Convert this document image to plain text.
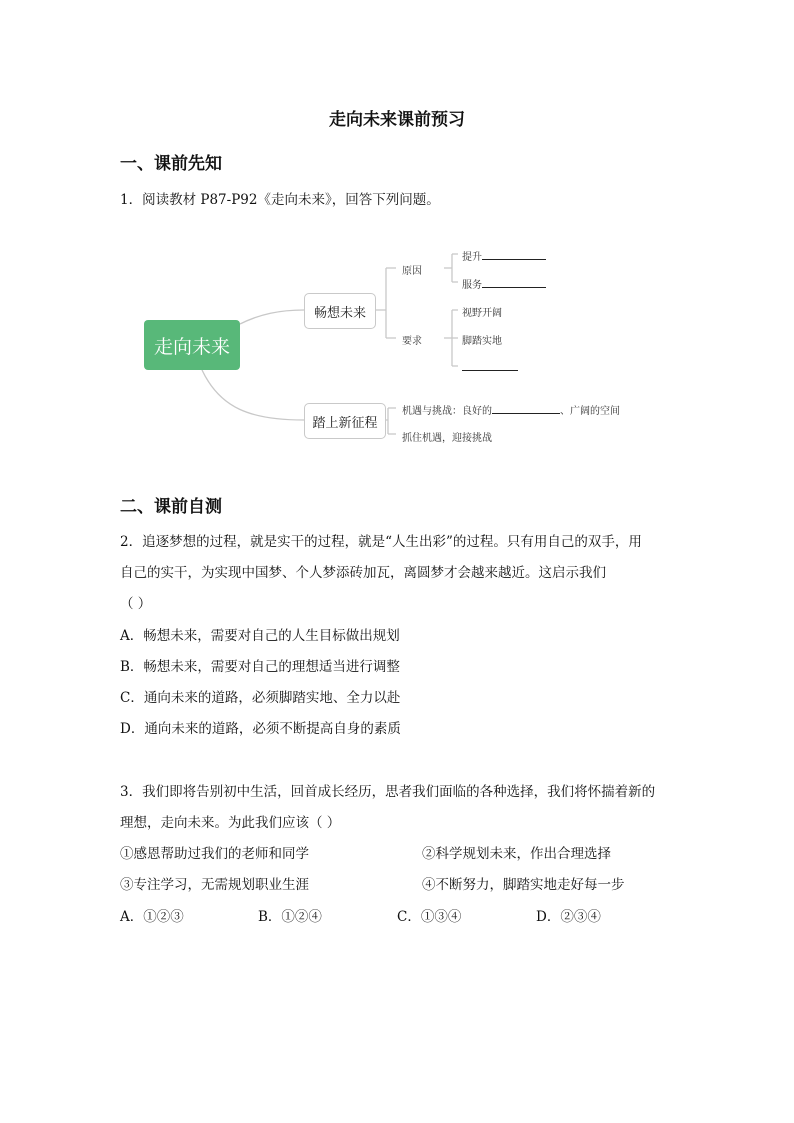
走向未来课前预习
一、课前先知
1．阅读教材 P87-P92《走向未来》，回答下列问题。
走向未来
畅想未来
踏上新征程
原因
提升
服务
要求
视野开阔
脚踏实地
机遇与挑战：良好的	、广阔的空间
抓住机遇，迎接挑战
二、课前自测
2．追逐梦想的过程，就是实干的过程，就是“人生出彩”的过程。只有用自己的双手，用
自己的实干，为实现中国梦、个人梦添砖加瓦，离圆梦才会越来越近。这启示我们
（ ）
A．畅想未来，需要对自己的人生目标做出规划
B．畅想未来，需要对自己的理想适当进行调整
C．通向未来的道路，必须脚踏实地、全力以赴
D．通向未来的道路，必须不断提高自身的素质
3．我们即将告别初中生活，回首成长经历，思者我们面临的各种选择，我们将怀揣着新的
理想，走向未来。为此我们应该（ ）
①感恩帮助过我们的老师和同学	②科学规划未来，作出合理选择
③专注学习，无需规划职业生涯	④不断努力，脚踏实地走好每一步
A．①②③	B．①②④	C．①③④	D．②③④
